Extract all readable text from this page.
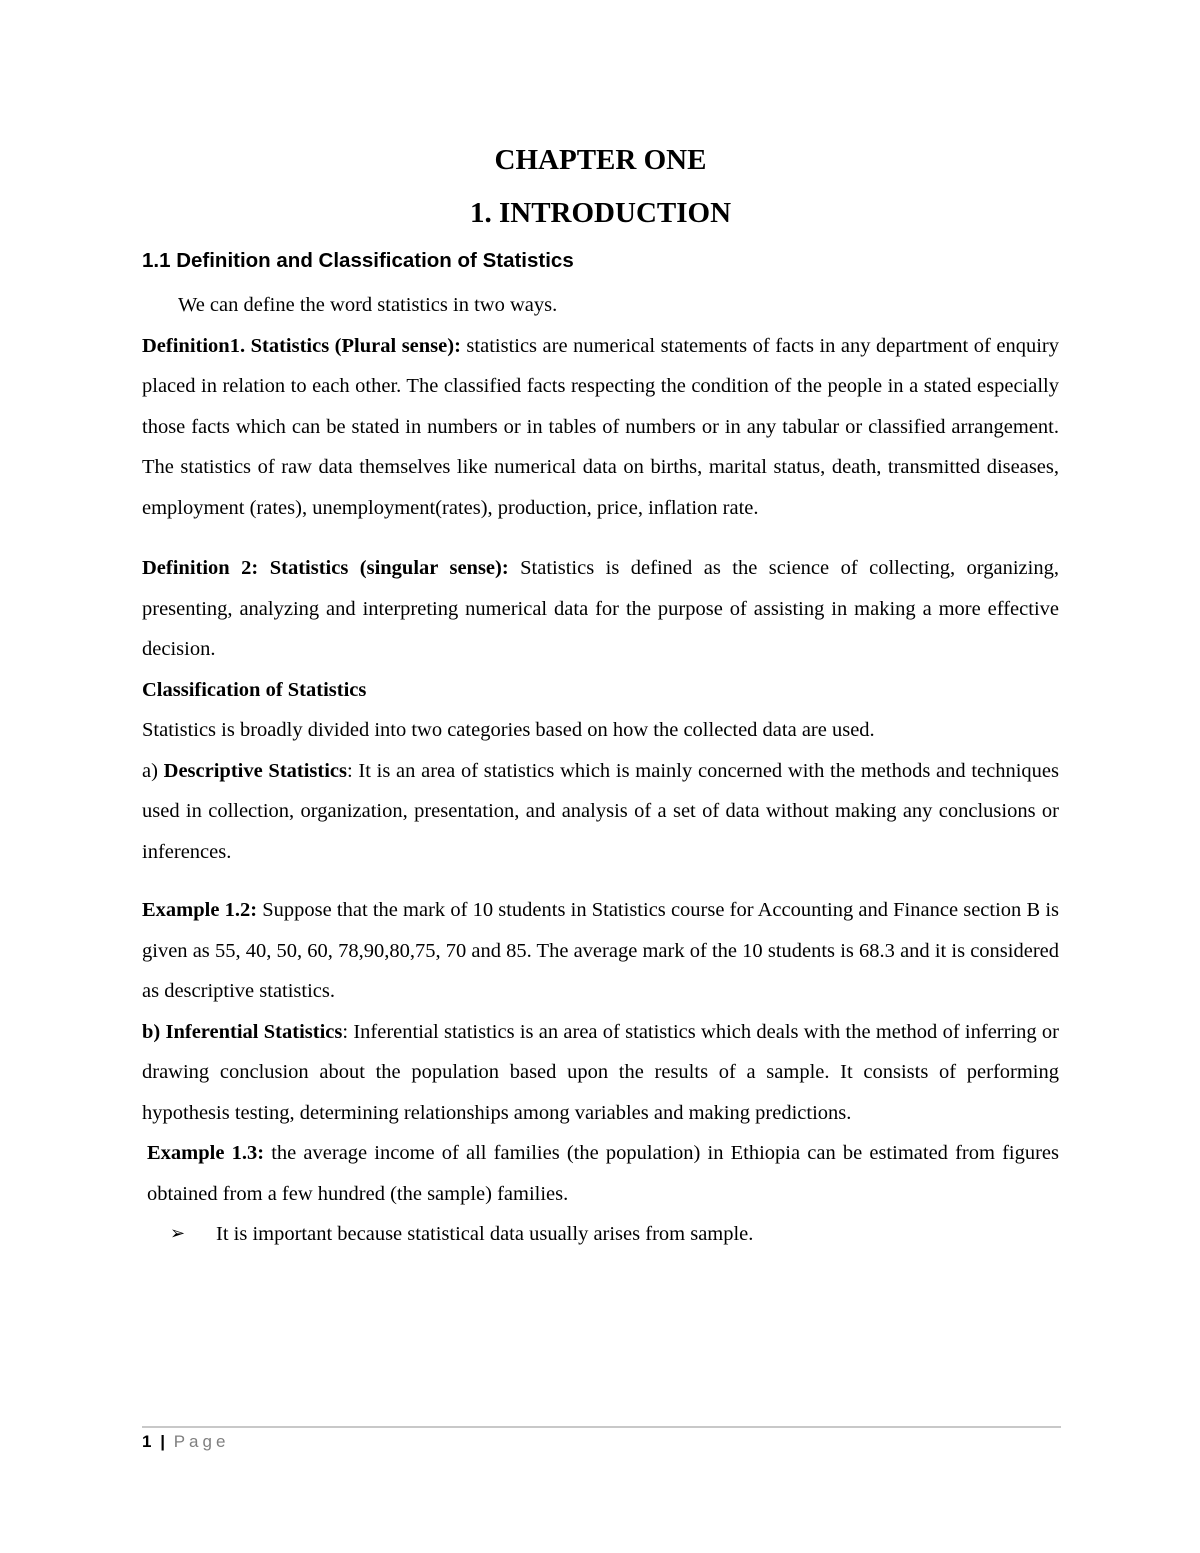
CHAPTER ONE
1. INTRODUCTION
1.1 Definition and Classification of Statistics

We can define the word statistics in two ways.

Definition1. Statistics (Plural sense): statistics are numerical statements of facts in any department of enquiry placed in relation to each other. The classified facts respecting the condition of the people in a stated especially those facts which can be stated in numbers or in tables of numbers or in any tabular or classified arrangement. The statistics of raw data themselves like numerical data on births, marital status, death, transmitted diseases, employment (rates), unemployment(rates), production, price, inflation rate.

Definition 2: Statistics (singular sense): Statistics is defined as the science of collecting, organizing, presenting, analyzing and interpreting numerical data for the purpose of assisting in making a more effective decision.

Classification of Statistics

Statistics is broadly divided into two categories based on how the collected data are used.

a) Descriptive Statistics: It is an area of statistics which is mainly concerned with the methods and techniques used in collection, organization, presentation, and analysis of a set of data without making any conclusions or inferences.

Example 1.2: Suppose that the mark of 10 students in Statistics course for Accounting and Finance section B is given as 55, 40, 50, 60, 78,90,80,75, 70 and 85. The average mark of the 10 students is 68.3 and it is considered as descriptive statistics.

b) Inferential Statistics: Inferential statistics is an area of statistics which deals with the method of inferring or drawing conclusion about the population based upon the results of a sample. It consists of performing hypothesis testing, determining relationships among variables and making predictions.

Example 1.3: the average income of all families (the population) in Ethiopia can be estimated from figures obtained from a few hundred (the sample) families.

➢ It is important because statistical data usually arises from sample.

1 | Page
